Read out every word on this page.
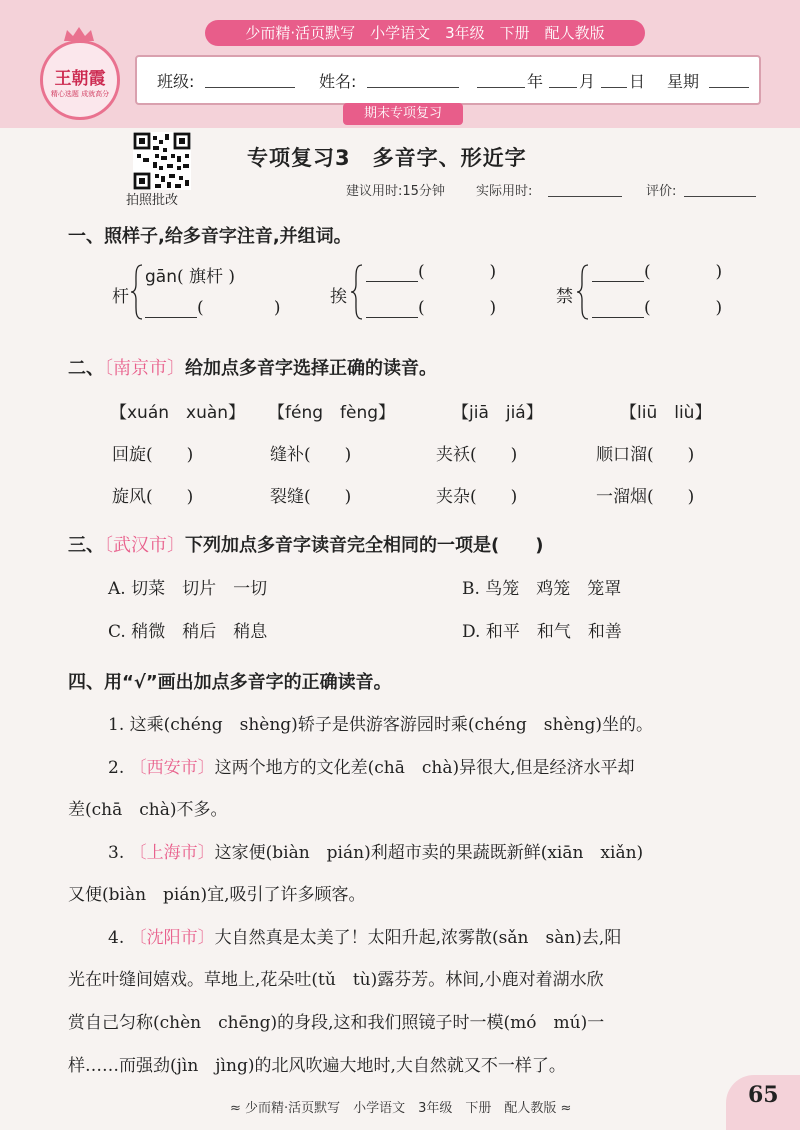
少而精·活页默写　小学语文　3年级　下册　配人教版
王朝霞
精心选题 成就高分
班级:	姓名:	年 月 日 星期
期末专项复习
拍照批改
专项复习3　多音字、形近字
建议用时:15分钟 实际用时:	评价:
一、照样子,给多音字注音,并组词。
杆
gān( 旗杆 )
(             )
挨
(            )
(            )
禁
(            )
(            )
二、〔南京市〕给加点多音字选择正确的读音。
【xuán　xuàn】 【féng　fèng】	【jiā　jiá】	【liū　liù】
回旋(　　)	缝补(　　)	夹袄(　　)	顺口溜(　　)
旋风(　　)	裂缝(　　)	夹杂(　　)	一溜烟(　　)
三、〔武汉市〕下列加点多音字读音完全相同的一项是(　　)
A. 切菜　切片　一切	B. 鸟笼　鸡笼　笼罩
C. 稍微　稍后　稍息	D. 和平　和气　和善
四、用“√”画出加点多音字的正确读音。
1. 这乘(chéng　shèng)轿子是供游客游园时乘(chéng　shèng)坐的。
2. 〔西安市〕这两个地方的文化差(chā　chà)异很大,但是经济水平却
差(chā　chà)不多。
3. 〔上海市〕这家便(biàn　pián)利超市卖的果蔬既新鲜(xiān　xiǎn)
又便(biàn　pián)宜,吸引了许多顾客。
4. 〔沈阳市〕大自然真是太美了！太阳升起,浓雾散(sǎn　sàn)去,阳
光在叶缝间嬉戏。草地上,花朵吐(tǔ　tù)露芬芳。林间,小鹿对着湖水欣
赏自己匀称(chèn　chēng)的身段,这和我们照镜子时一模(mó　mú)一
样……而强劲(jìn　jìng)的北风吹遍大地时,大自然就又不一样了。
≈ 少而精·活页默写　小学语文　3年级　下册　配人教版 ≈
65
